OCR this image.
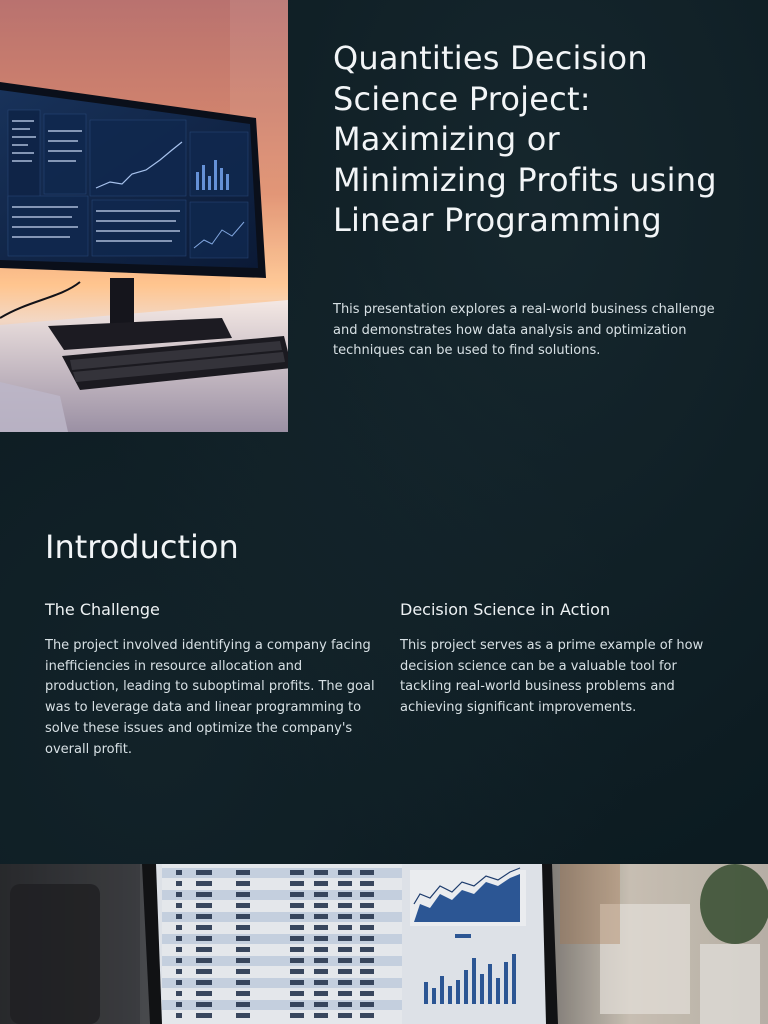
Quantities Decision Science Project: Maximizing or Minimizing Profits using Linear Programming

This presentation explores a real-world business challenge and demonstrates how data analysis and optimization techniques can be used to find solutions.

Introduction
The Challenge

The project involved identifying a company facing inefficiencies in resource allocation and production, leading to suboptimal profits. The goal was to leverage data and linear programming to solve these issues and optimize the company's overall profit.

Decision Science in Action

This project serves as a prime example of how decision science can be a valuable tool for tackling real-world business problems and achieving significant improvements.
